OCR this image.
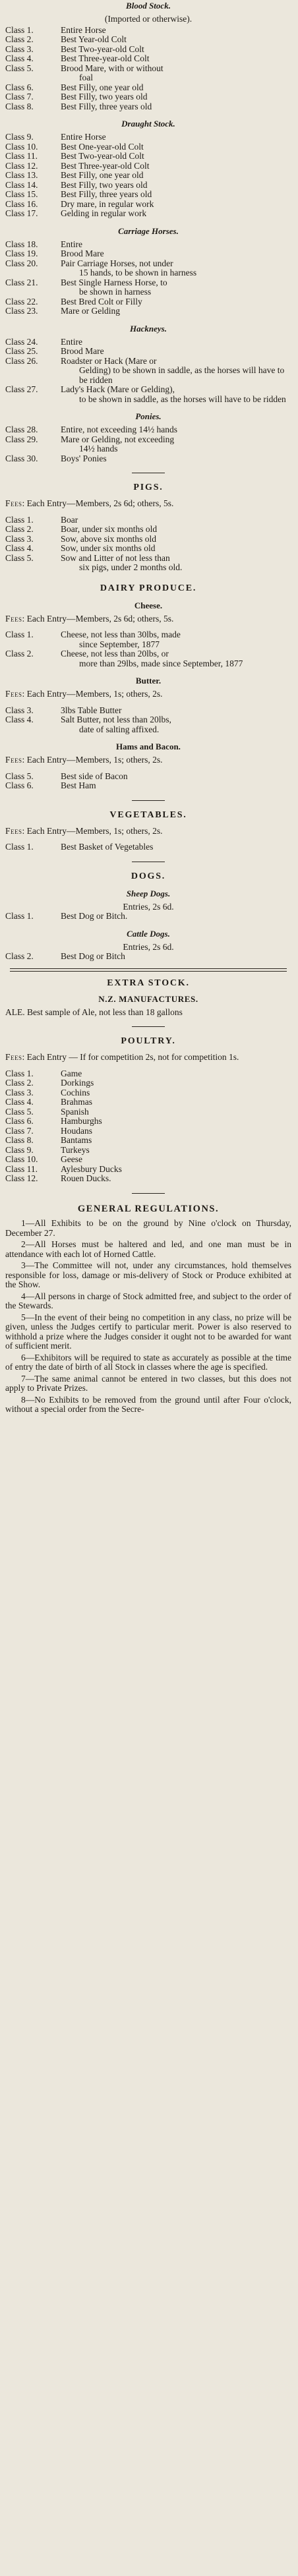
Blood Stock.

(Imported or otherwise).

Class 1.	Entire Horse
Class 2.	Best Year-old Colt
Class 3.	Best Two-year-old Colt
Class 4.	Best Three-year-old Colt
Class 5.	Brood Mare, with or without
foal
Class 6.	Best Filly, one year old
Class 7.	Best Filly, two years old
Class 8.	Best Filly, three years old
Draught Stock.
Class 9.	Entire Horse
Class 10.	Best One-year-old Colt
Class 11.	Best Two-year-old Colt
Class 12.	Best Three-year-old Colt
Class 13.	Best Filly, one year old
Class 14.	Best Filly, two years old
Class 15.	Best Filly, three years old
Class 16.	Dry mare, in regular work
Class 17.	Gelding in regular work
Carriage Horses.
Class 18.	Entire
Class 19.	Brood Mare
Class 20.	Pair Carriage Horses, not under
15 hands, to be shown in harness
Class 21.	Best Single Harness Horse, to
be shown in harness
Class 22.	Best Bred Colt or Filly
Class 23.	Mare or Gelding
Hackneys.
Class 24.	Entire
Class 25.	Brood Mare
Class 26.	Roadster or Hack (Mare or
Gelding) to be shown in saddle, as the horses will have to be ridden
Class 27.	Lady's Hack (Mare or Gelding),
to be shown in saddle, as the horses will have to be ridden
Ponies.
Class 28.	Entire, not exceeding 14½ hands
Class 29.	Mare or Gelding, not exceeding
14½ hands
Class 30.	Boys' Ponies
PIGS.

Fees: Each Entry—Members, 2s 6d; others, 5s.

Class 1.	Boar
Class 2.	Boar, under six months old
Class 3.	Sow, above six months old
Class 4.	Sow, under six months old
Class 5.	Sow and Litter of not less than
six pigs, under 2 months old.
DAIRY PRODUCE.
Cheese.

Fees: Each Entry—Members, 2s 6d; others, 5s.

Class 1.	Cheese, not less than 30lbs, made
since September, 1877
Class 2.	Cheese, not less than 20lbs, or
more than 29lbs, made since September, 1877
Butter.

Fees: Each Entry—Members, 1s; others, 2s.

Class 3.	3lbs Table Butter
Class 4.	Salt Butter, not less than 20lbs,
date of salting affixed.
Hams and Bacon.

Fees: Each Entry—Members, 1s; others, 2s.

Class 5.	Best side of Bacon
Class 6.	Best Ham
VEGETABLES.

Fees: Each Entry—Members, 1s; others, 2s.

Class 1.	Best Basket of Vegetables
DOGS.
Sheep Dogs.

Entries, 2s 6d.

Class 1.	Best Dog or Bitch.
Cattle Dogs.

Entries, 2s 6d.

Class 2.	Best Dog or Bitch
EXTRA STOCK.
N.Z. MANUFACTURES.

ALE. Best sample of Ale, not less than 18 gallons

POULTRY.

Fees: Each Entry — If for competition 2s, not for competition 1s.

Class 1.	Game
Class 2.	Dorkings
Class 3.	Cochins
Class 4.	Brahmas
Class 5.	Spanish
Class 6.	Hamburghs
Class 7.	Houdans
Class 8.	Bantams
Class 9.	Turkeys
Class 10.	Geese
Class 11.	Aylesbury Ducks
Class 12.	Rouen Ducks.
GENERAL REGULATIONS.

1—All Exhibits to be on the ground by Nine o'clock on Thursday, December 27.

2—All Horses must be haltered and led, and one man must be in attendance with each lot of Horned Cattle.

3—The Committee will not, under any circumstances, hold themselves responsible for loss, damage or mis-delivery of Stock or Produce exhibited at the Show.

4—All persons in charge of Stock admitted free, and subject to the order of the Stewards.

5—In the event of their being no competition in any class, no prize will be given, unless the Judges certify to particular merit. Power is also reserved to withhold a prize where the Judges consider it ought not to be awarded for want of sufficient merit.

6—Exhibitors will be required to state as accurately as possible at the time of entry the date of birth of all Stock in classes where the age is specified.

7—The same animal cannot be entered in two classes, but this does not apply to Private Prizes.

8—No Exhibits to be removed from the ground until after Four o'clock, without a special order from the Secre-
